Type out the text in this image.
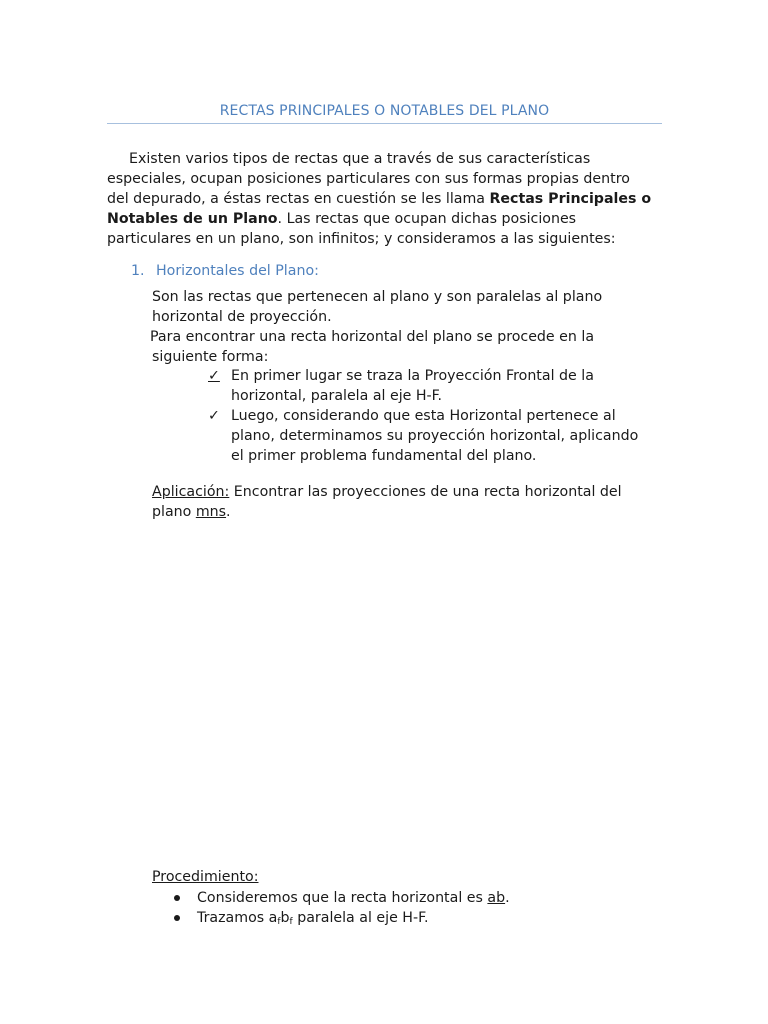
RECTAS PRINCIPALES O NOTABLES DEL PLANO
Existen varios tipos de rectas que a través de sus características
especiales, ocupan posiciones particulares con sus formas propias dentro
del depurado, a éstas rectas en cuestión se les llama Rectas Principales o
Notables de un Plano. Las rectas que ocupan dichas posiciones
particulares en un plano, son infinitos; y consideramos a las siguientes:
1. Horizontales del Plano:
Son las rectas que pertenecen al plano y son paralelas al plano
horizontal de proyección.
Para encontrar una recta horizontal del plano se procede en la
siguiente forma:
✓ En primer lugar se traza la Proyección Frontal de la
horizontal, paralela al eje H-F.
✓ Luego, considerando que esta Horizontal pertenece al
plano, determinamos su proyección horizontal, aplicando
el primer problema fundamental del plano.
Aplicación: Encontrar las proyecciones de una recta horizontal del
plano mns.
Procedimiento:
Consideremos que la recta horizontal es ab.
Trazamos $a_fb_f$ paralela al eje H-F.
